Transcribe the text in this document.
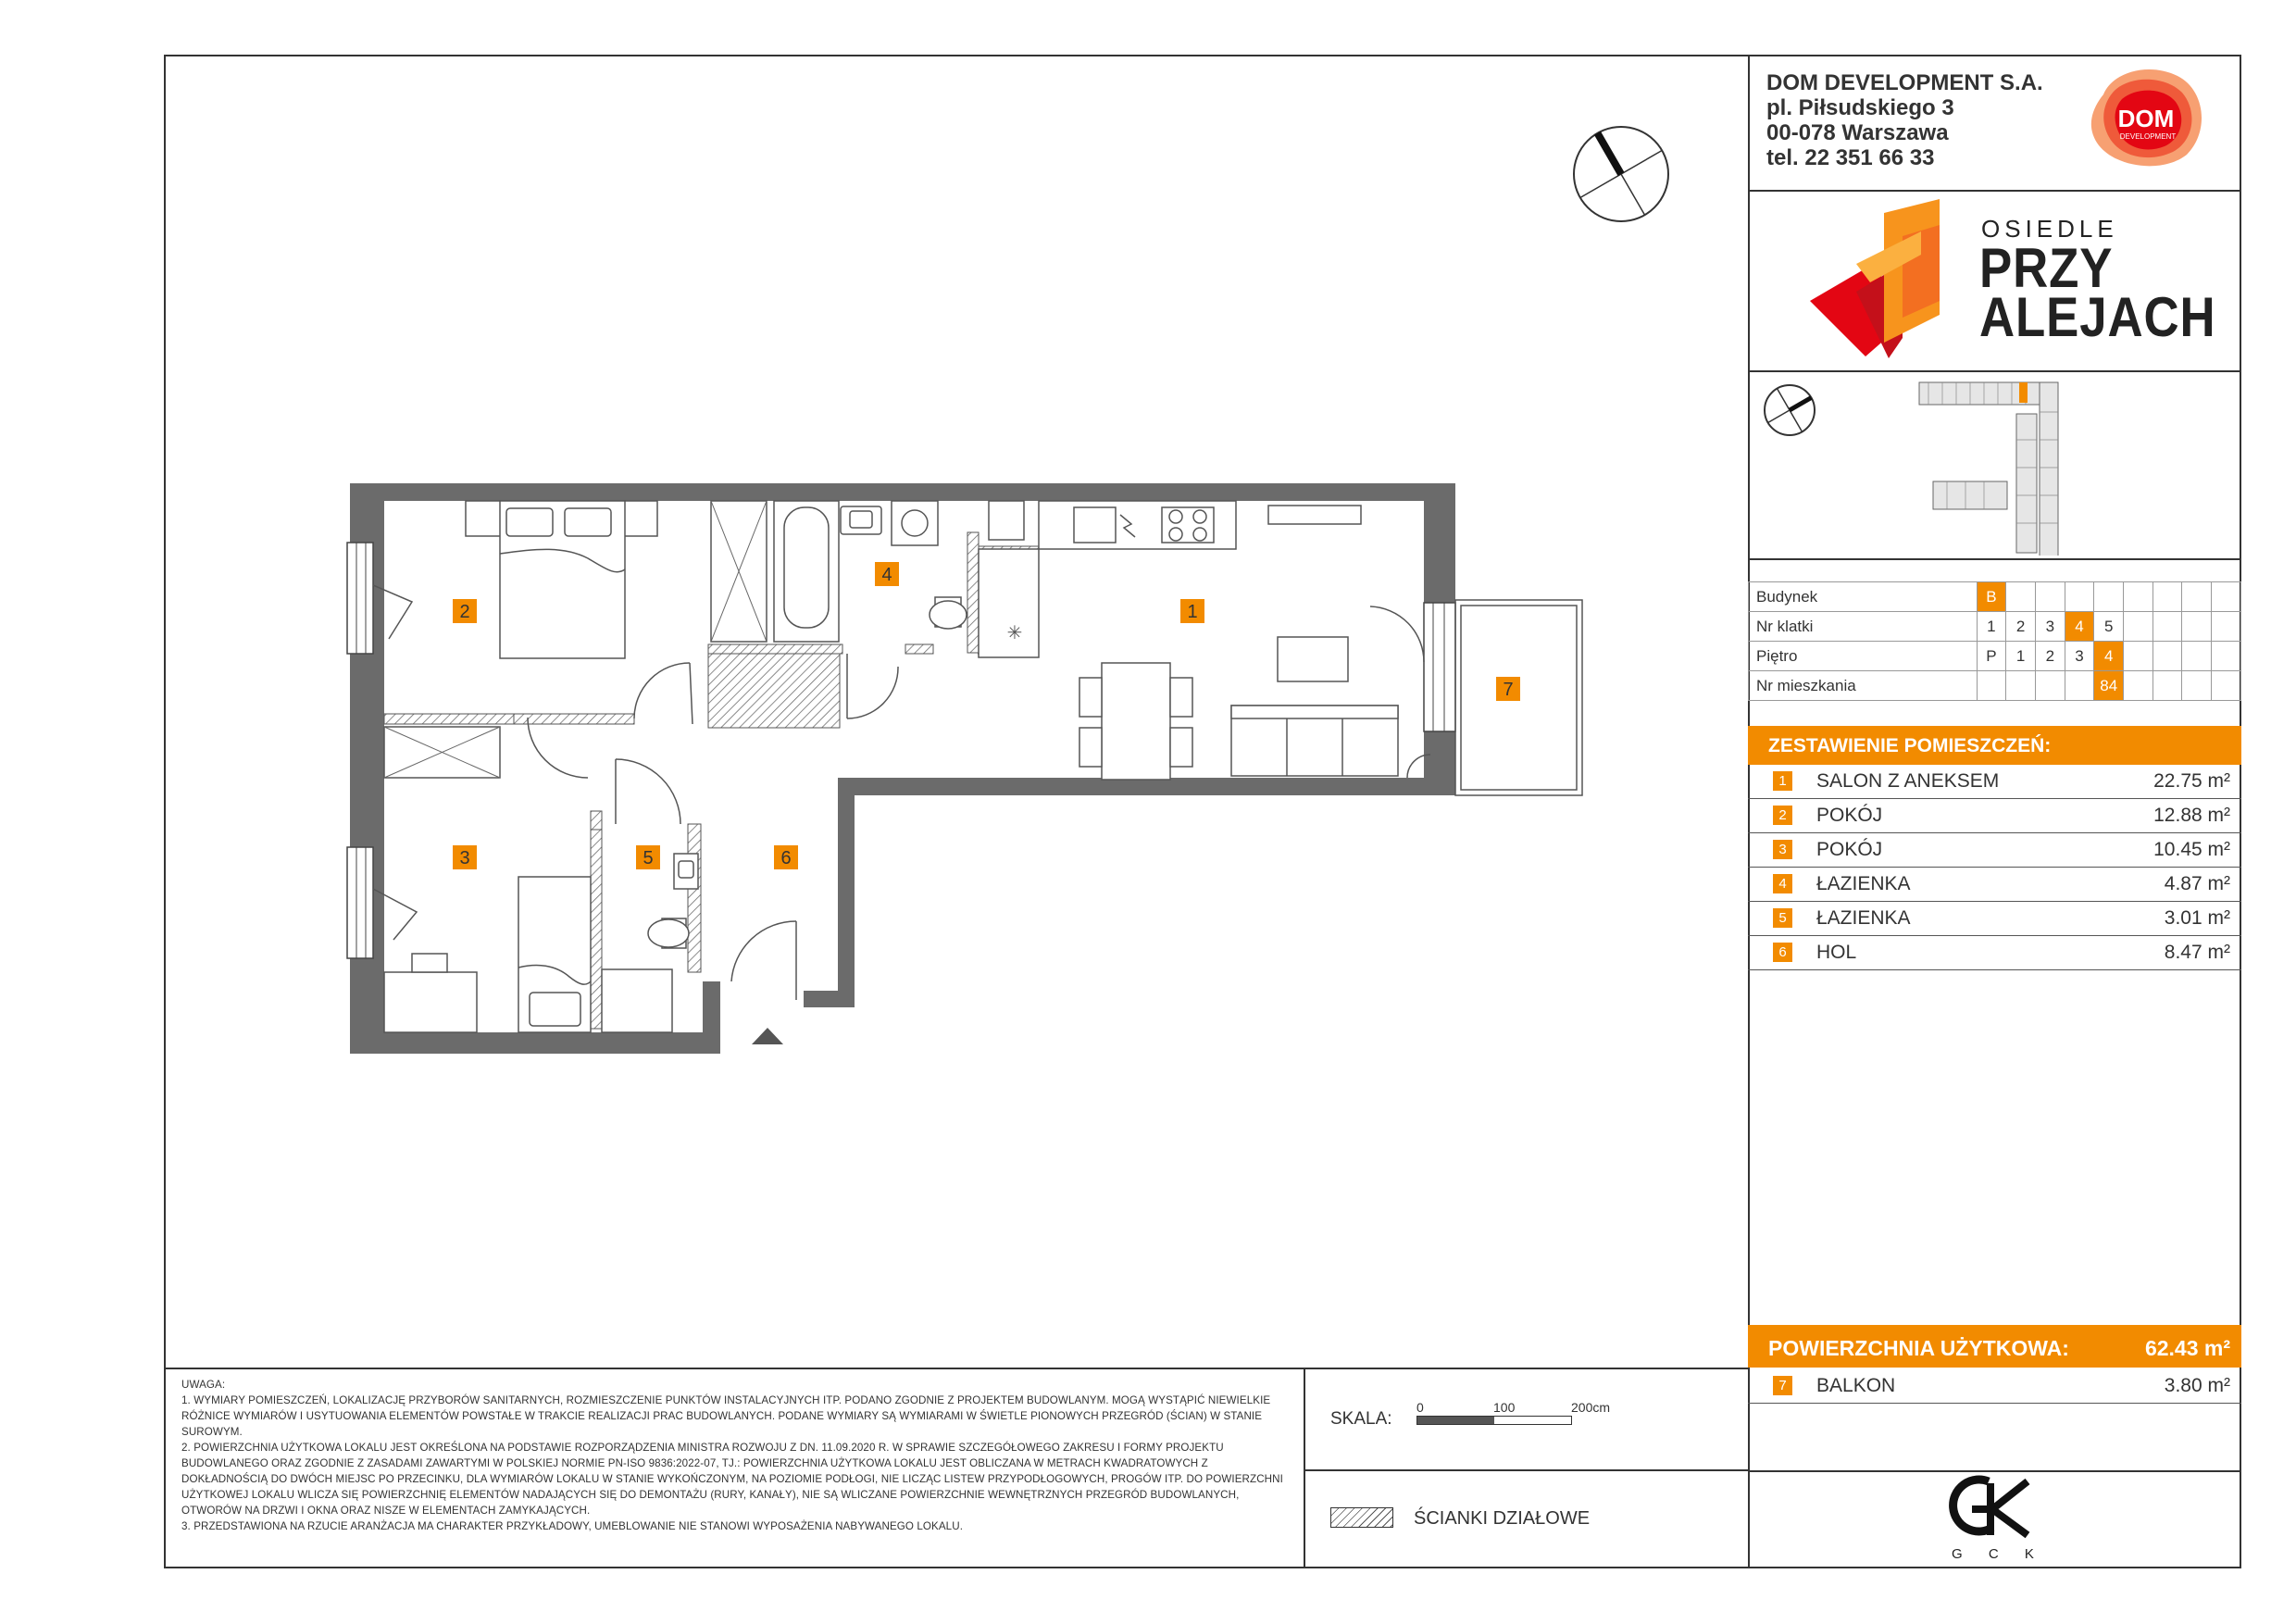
DOM DEVELOPMENT S.A.
pl. Piłsudskiego 3
00-078 Warszawa
tel. 22 351 66 33
DOM
DEVELOPMENT
OSIEDLE
PRZY
ALEJACH
Budynek	B								
Nr klatki	1	2	3	4	5				
Piętro	P	1	2	3	4				
Nr mieszkania					84				
ZESTAWIENIE POMIESZCZEŃ:
1	SALON Z ANEKSEM	22.75 m²
2	POKÓJ	12.88 m²
3	POKÓJ	10.45 m²
4	ŁAZIENKA	4.87 m²
5	ŁAZIENKA	3.01 m²
6	HOL	8.47 m²
POWIERZCHNIA UŻYTKOWA:	62.43 m²
7	BALKON	3.80 m²
G C K
SKALA:
0	100	200cm
ŚCIANKI DZIAŁOWE

UWAGA:

1. WYMIARY POMIESZCZEŃ, LOKALIZACJĘ PRZYBORÓW SANITARNYCH, ROZMIESZCZENIE PUNKTÓW INSTALACYJNYCH ITP. PODANO ZGODNIE Z PROJEKTEM BUDOWLANYM. MOGĄ WYSTĄPIĆ NIEWIELKIE RÓŻNICE WYMIARÓW I USYTUOWANIA ELEMENTÓW POWSTAŁE W TRAKCIE REALIZACJI PRAC BUDOWLANYCH. PODANE WYMIARY SĄ WYMIARAMI W ŚWIETLE PIONOWYCH PRZEGRÓD (ŚCIAN) W STANIE SUROWYM.

2. POWIERZCHNIA UŻYTKOWA LOKALU JEST OKREŚLONA NA PODSTAWIE ROZPORZĄDZENIA MINISTRA ROZWOJU Z DN. 11.09.2020 R. W SPRAWIE SZCZEGÓŁOWEGO ZAKRESU I FORMY PROJEKTU BUDOWLANEGO ORAZ ZGODNIE Z ZASADAMI ZAWARTYMI W POLSKIEJ NORMIE PN-ISO 9836:2022-07, TJ.: POWIERZCHNIA UŻYTKOWA LOKALU JEST OBLICZANA W METRACH KWADRATOWYCH Z DOKŁADNOŚCIĄ DO DWÓCH MIEJSC PO PRZECINKU, DLA WYMIARÓW LOKALU W STANIE WYKOŃCZONYM, NA POZIOMIE PODŁOGI, NIE LICZĄC LISTEW PRZYPODŁOGOWYCH, PROGÓW ITP. DO POWIERZCHNI UŻYTKOWEJ LOKALU WLICZA SIĘ POWIERZCHNIĘ ELEMENTÓW NADAJĄCYCH SIĘ DO DEMONTAŻU (RURY, KANAŁY), NIE SĄ WLICZANE POWIERZCHNIE WEWNĘTRZNYCH PRZEGRÓD BUDOWLANYCH, OTWORÓW NA DRZWI I OKNA ORAZ NISZE W ELEMENTACH ZAMYKAJĄCYCH.

3. PRZEDSTAWIONA NA RZUCIE ARANŻACJA MA CHARAKTER PRZYKŁADOWY, UMEBLOWANIE NIE STANOWI WYPOSAŻENIA NABYWANEGO LOKALU.

✳
1
2
3
4
5	6
7
